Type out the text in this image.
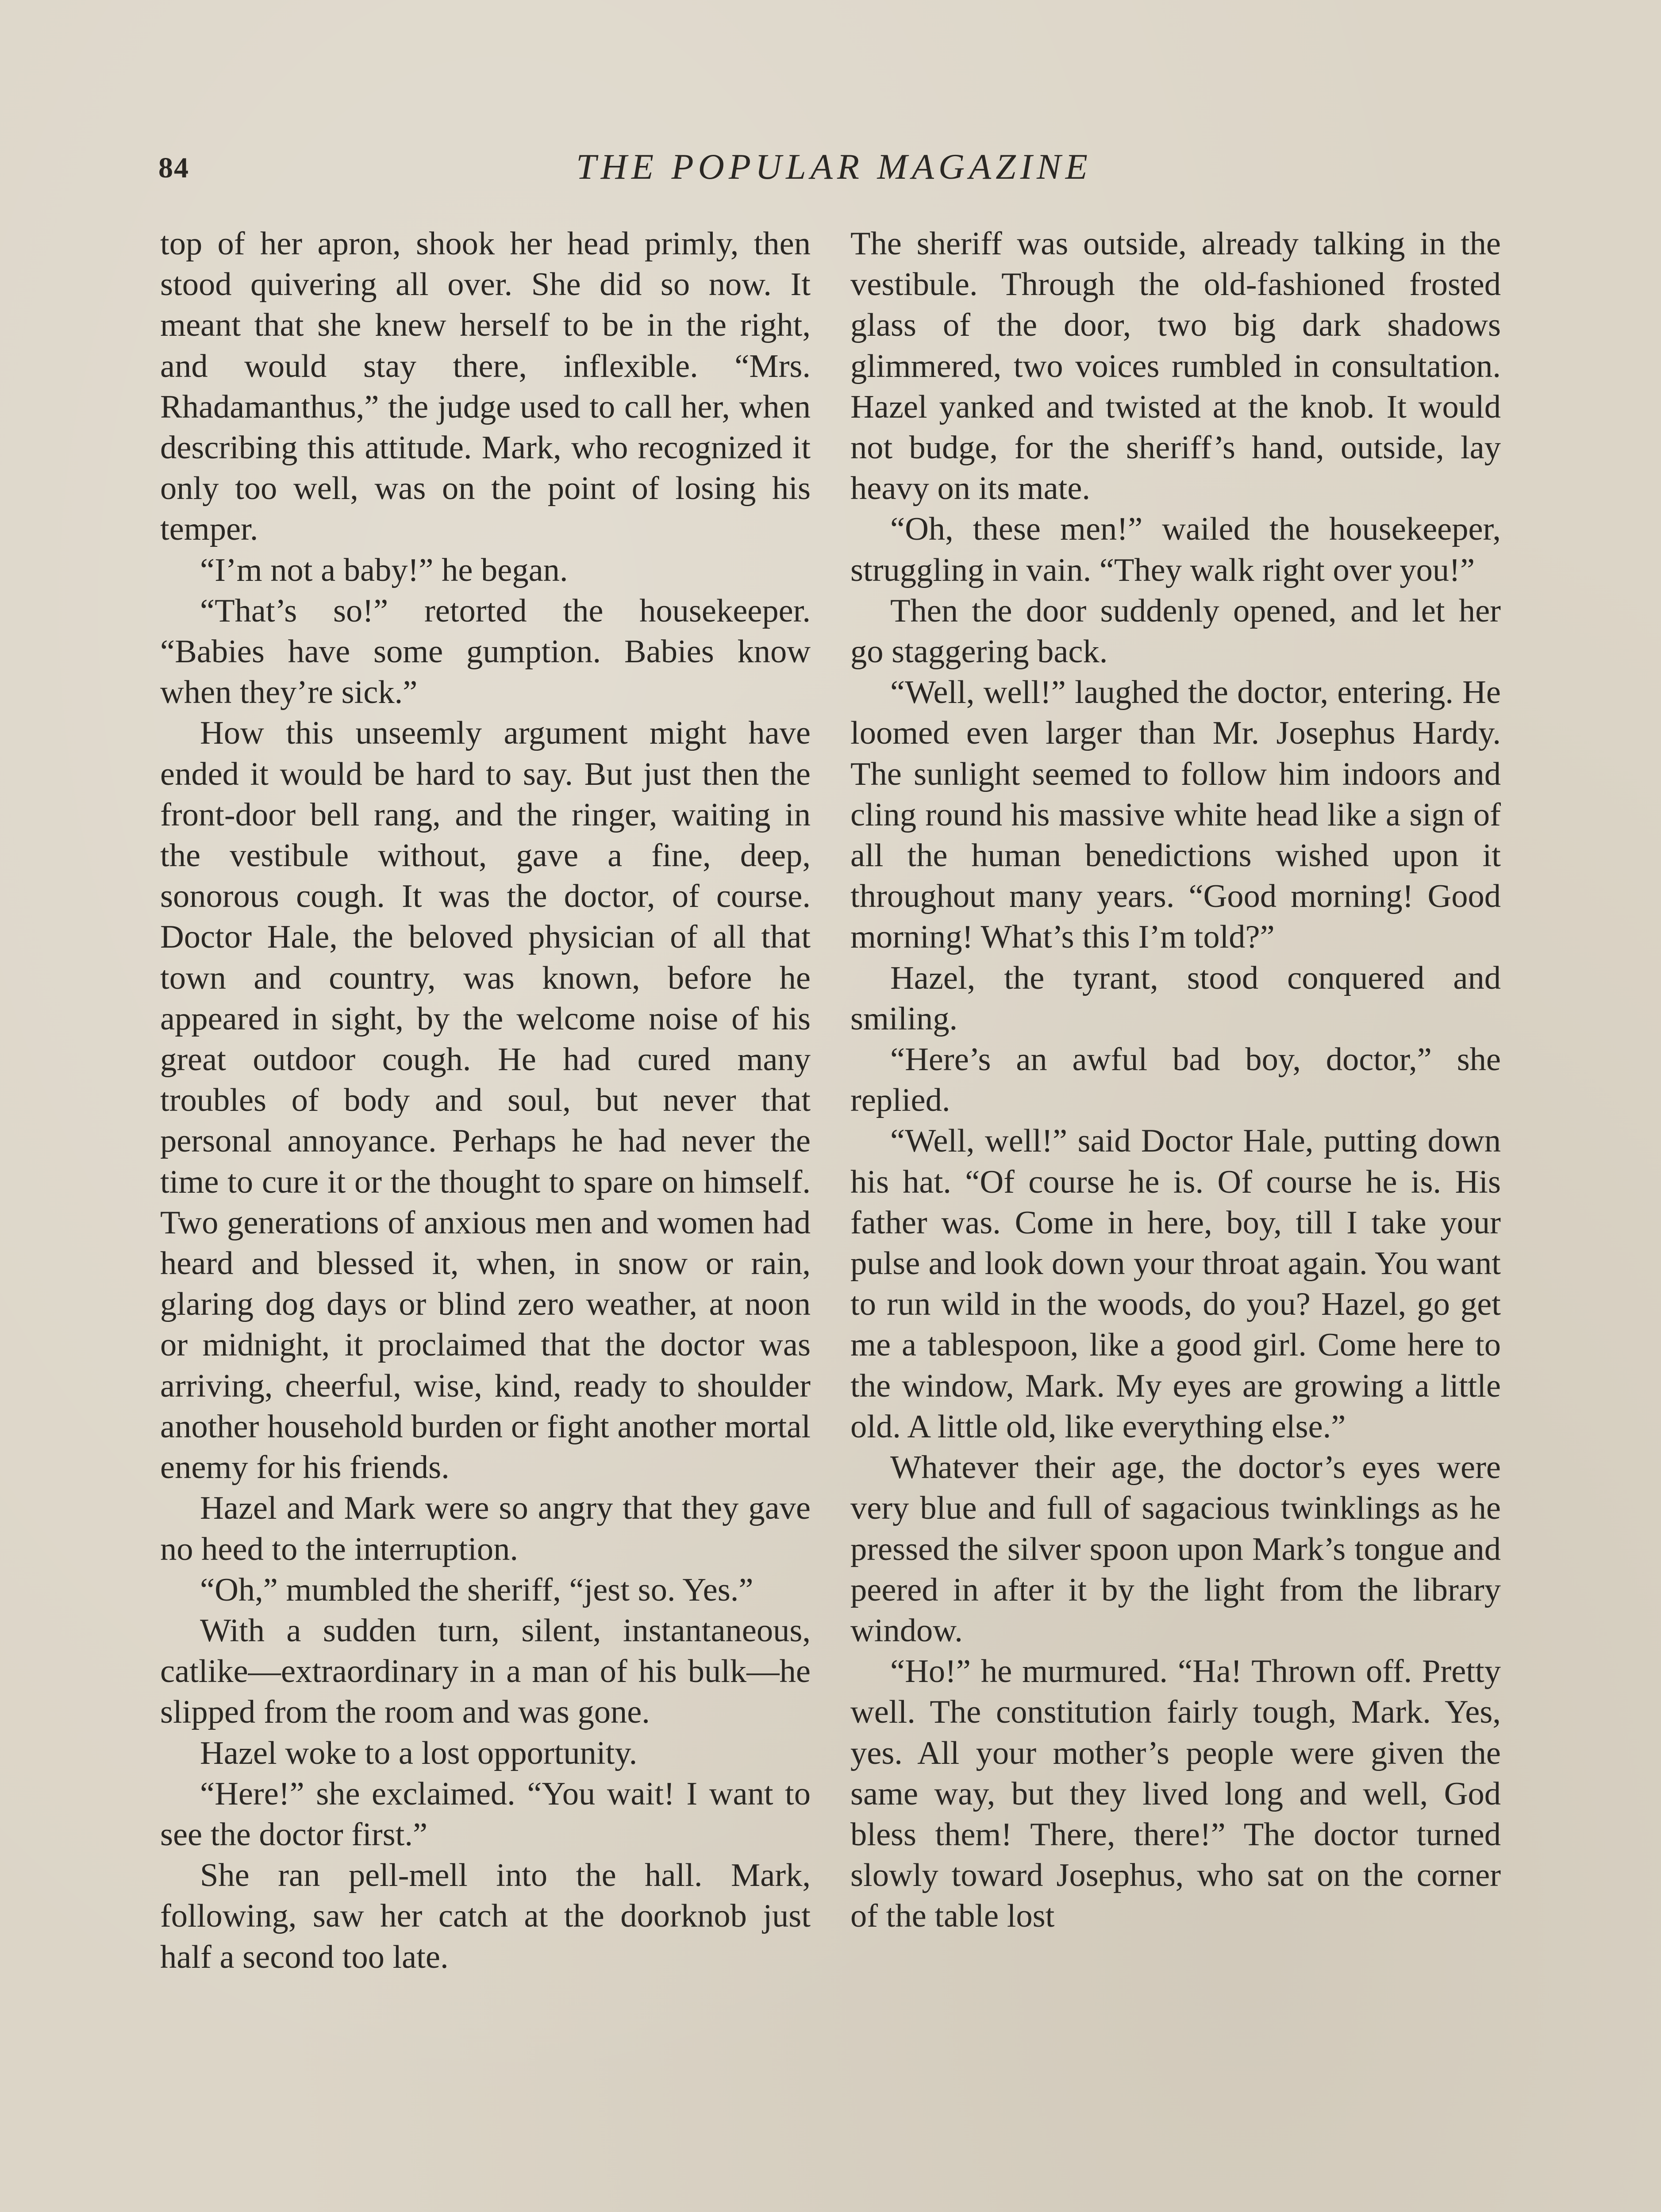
84	THE POPULAR MAGAZINE

top of her apron, shook her head primly, then stood quivering all over. She did so now. It meant that she knew herself to be in the right, and would stay there, inflexible. “Mrs. Rhadamanthus,” the judge used to call her, when describing this attitude. Mark, who recognized it only too well, was on the point of losing his temper.

“I’m not a baby!” he began.

“That’s so!” retorted the housekeeper. “Babies have some gumption. Babies know when they’re sick.”

How this unseemly argument might have ended it would be hard to say. But just then the front-door bell rang, and the ringer, waiting in the vestibule without, gave a fine, deep, sonorous cough. It was the doctor, of course. Doctor Hale, the beloved physician of all that town and country, was known, before he appeared in sight, by the welcome noise of his great outdoor cough. He had cured many troubles of body and soul, but never that personal annoyance. Perhaps he had never the time to cure it or the thought to spare on himself. Two generations of anxious men and women had heard and blessed it, when, in snow or rain, glaring dog days or blind zero weather, at noon or midnight, it proclaimed that the doctor was arriving, cheerful, wise, kind, ready to shoulder another household burden or fight another mortal enemy for his friends.

Hazel and Mark were so angry that they gave no heed to the interruption.

“Oh,” mumbled the sheriff, “jest so. Yes.”

With a sudden turn, silent, instantaneous, catlike—extraordinary in a man of his bulk—he slipped from the room and was gone.

Hazel woke to a lost opportunity.

“Here!” she exclaimed. “You wait! I want to see the doctor first.”

She ran pell-mell into the hall. Mark, following, saw her catch at the doorknob just half a second too late.

The sheriff was outside, already talking in the vestibule. Through the old-fashioned frosted glass of the door, two big dark shadows glimmered, two voices rumbled in consultation. Hazel yanked and twisted at the knob. It would not budge, for the sheriff’s hand, outside, lay heavy on its mate.

“Oh, these men!” wailed the housekeeper, struggling in vain. “They walk right over you!”

Then the door suddenly opened, and let her go staggering back.

“Well, well!” laughed the doctor, entering. He loomed even larger than Mr. Josephus Hardy. The sunlight seemed to follow him indoors and cling round his massive white head like a sign of all the human benedictions wished upon it throughout many years. “Good morning! Good morning! What’s this I’m told?”

Hazel, the tyrant, stood conquered and smiling.

“Here’s an awful bad boy, doctor,” she replied.

“Well, well!” said Doctor Hale, putting down his hat. “Of course he is. Of course he is. His father was. Come in here, boy, till I take your pulse and look down your throat again. You want to run wild in the woods, do you? Hazel, go get me a tablespoon, like a good girl. Come here to the window, Mark. My eyes are growing a little old. A little old, like everything else.”

Whatever their age, the doctor’s eyes were very blue and full of sagacious twinklings as he pressed the silver spoon upon Mark’s tongue and peered in after it by the light from the library window.

“Ho!” he murmured. “Ha! Thrown off. Pretty well. The constitution fairly tough, Mark. Yes, yes. All your mother’s people were given the same way, but they lived long and well, God bless them! There, there!” The doctor turned slowly toward Josephus, who sat on the corner of the table lost
